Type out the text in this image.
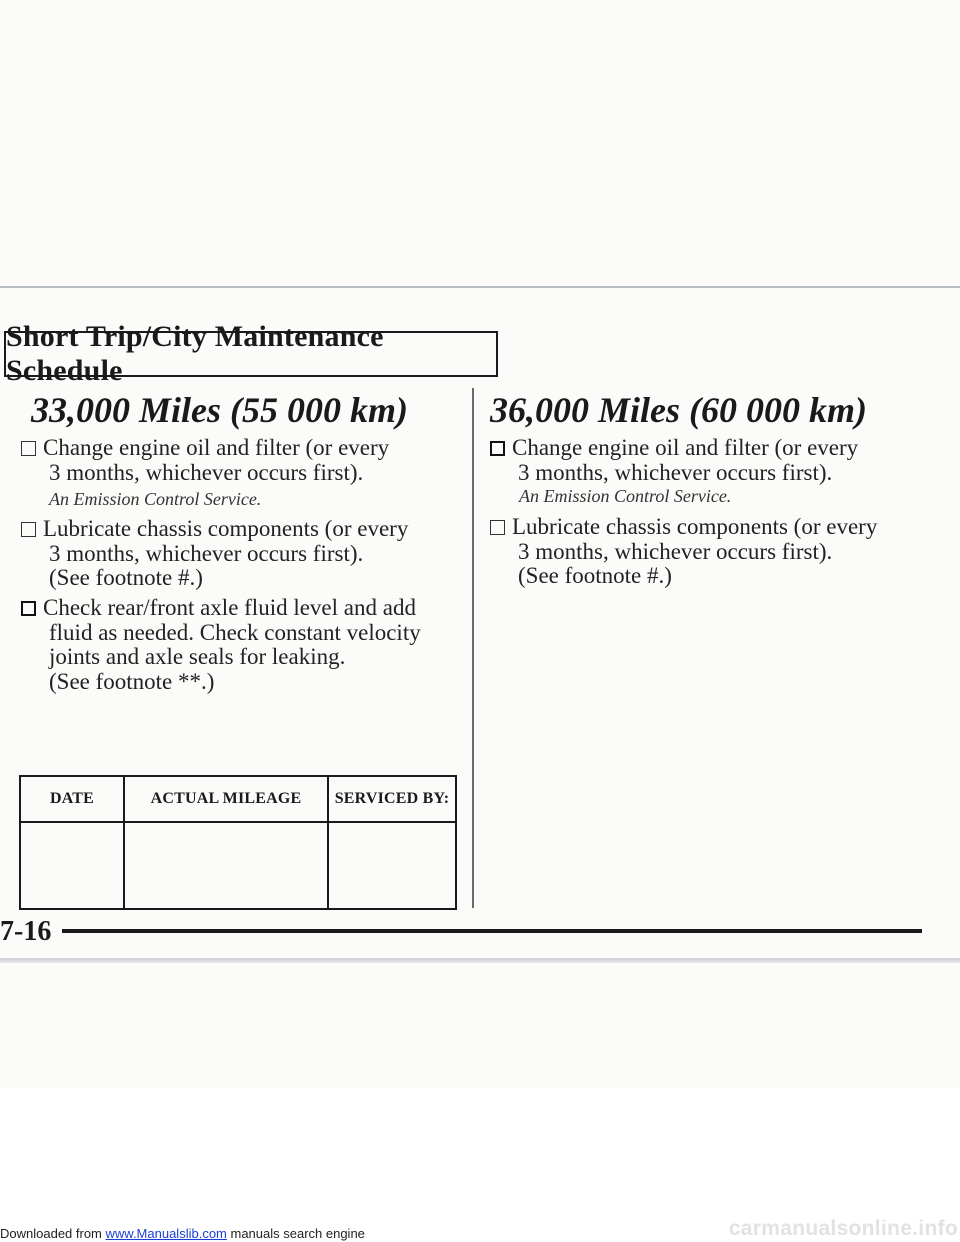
Short Trip/City Maintenance Schedule
33,000 Miles (55 000 km) 36,000 Miles (60 000 km)
Change engine oil and filter (or every
3 months, whichever occurs first).
An Emission Control Service.
Lubricate chassis components (or every
3 months, whichever occurs first).
(See footnote #.)
Check rear/front axle fluid level and add
fluid as needed. Check constant velocity
joints and axle seals for leaking.
(See footnote **.)
Change engine oil and filter (or every
3 months, whichever occurs first).
An Emission Control Service.
Lubricate chassis components (or every
3 months, whichever occurs first).
(See footnote #.)
DATE	ACTUAL MILEAGE	SERVICED BY:

7-16
Downloaded from www.Manualslib.com manuals search engine	carmanualsonline.info
